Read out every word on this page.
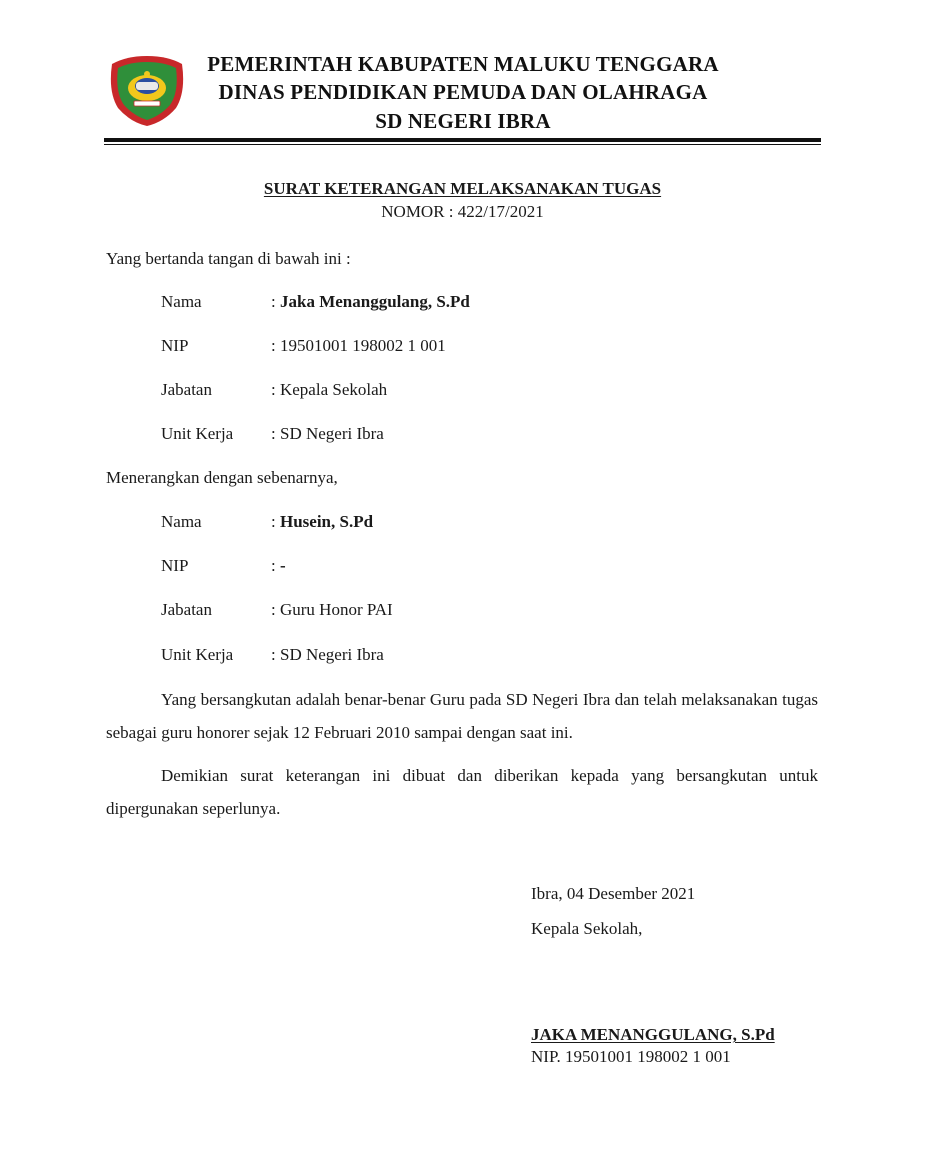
PEMERINTAH KABUPATEN MALUKU TENGGARA
DINAS PENDIDIKAN PEMUDA DAN OLAHRAGA
SD NEGERI IBRA
SURAT KETERANGAN MELAKSANAKAN TUGAS
NOMOR : 422/17/2021
Yang bertanda tangan di bawah ini :
Nama	: Jaka Menanggulang, S.Pd
NIP	: 19501001 198002 1 001
Jabatan	: Kepala Sekolah
Unit Kerja : SD Negeri Ibra
Menerangkan dengan sebenarnya,
Nama	: Husein, S.Pd
NIP	: -
Jabatan	: Guru Honor PAI
Unit Kerja : SD Negeri Ibra
Yang bersangkutan adalah benar-benar Guru pada SD Negeri Ibra dan telah melaksanakan tugas sebagai guru honorer sejak 12 Februari 2010 sampai dengan saat ini.
Demikian surat keterangan ini dibuat dan diberikan kepada yang bersangkutan untuk dipergunakan seperlunya.
Ibra, 04 Desember 2021
Kepala Sekolah,
JAKA MENANGGULANG, S.Pd
NIP. 19501001 198002 1 001
